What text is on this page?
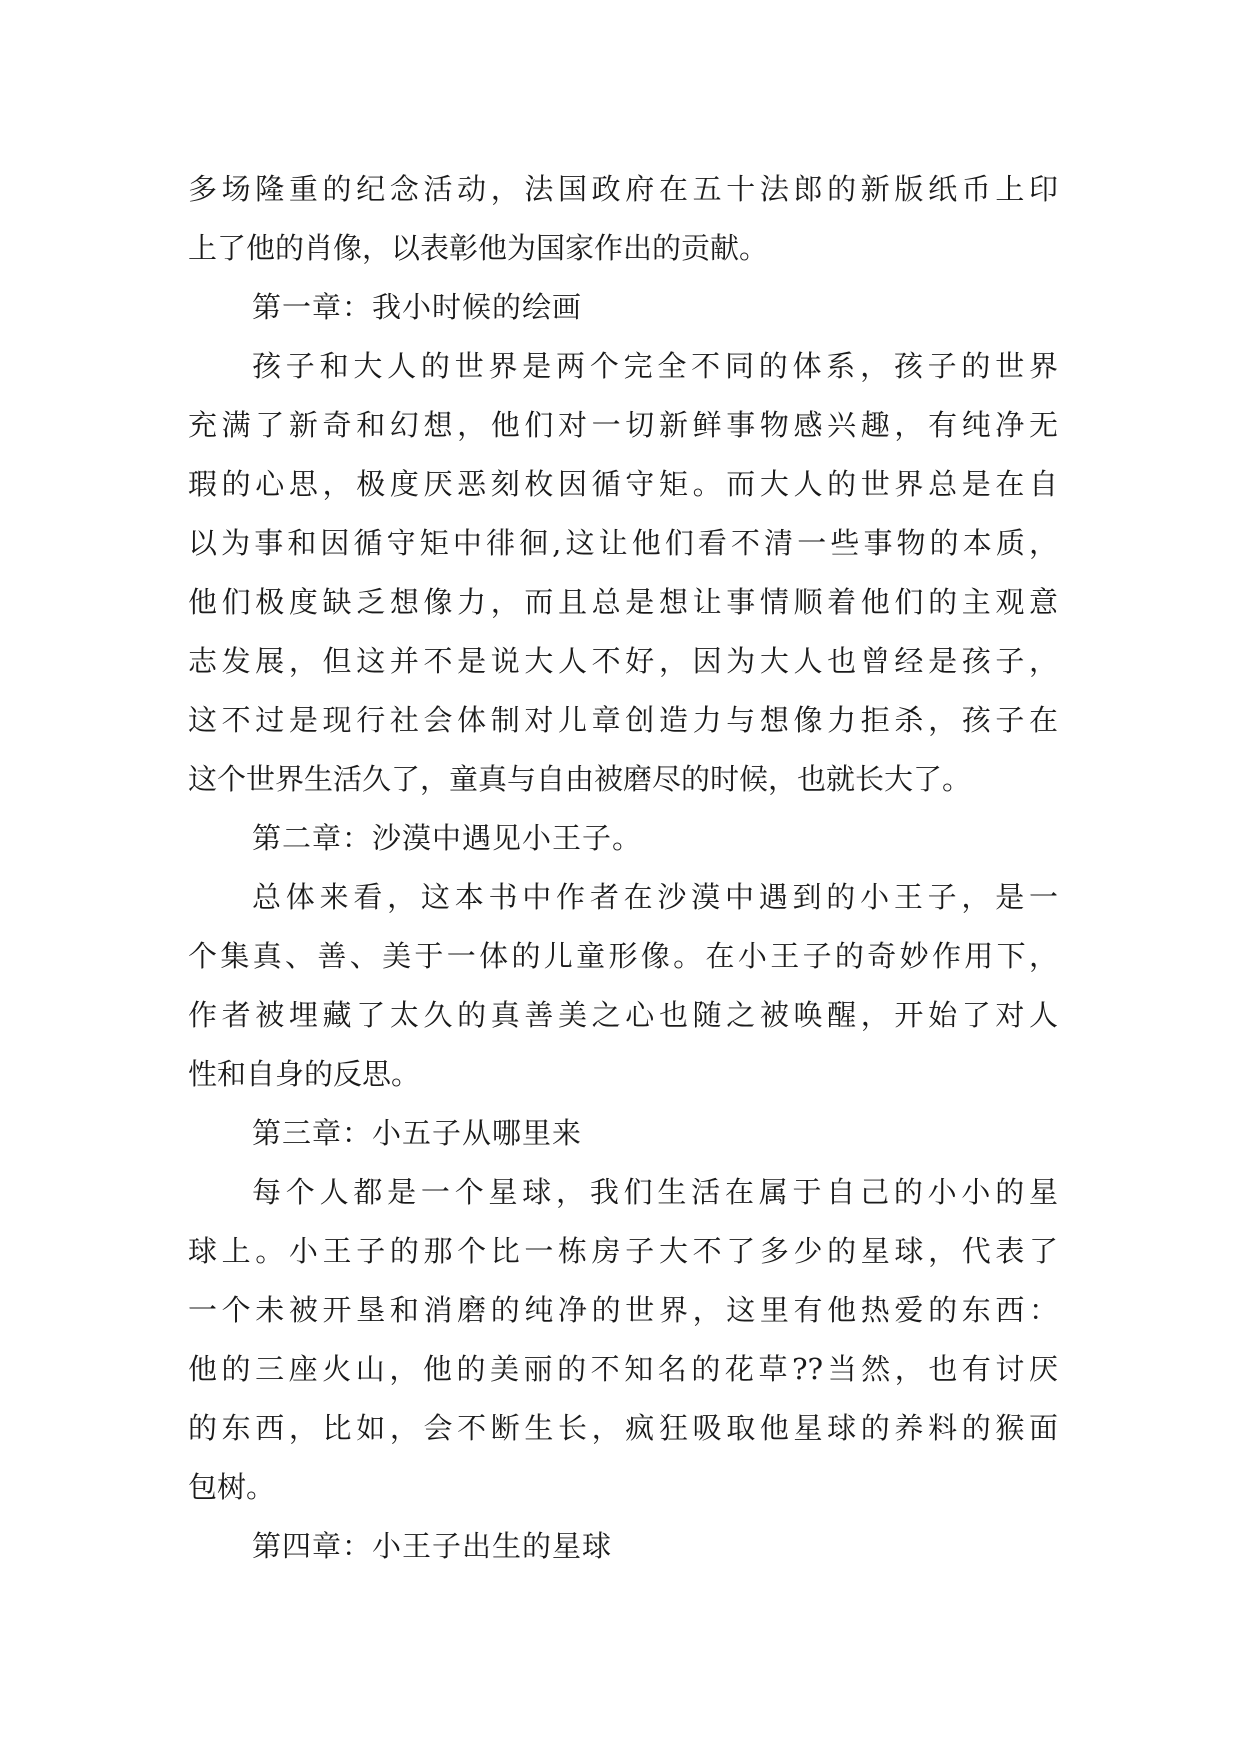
多场隆重的纪念活动，法国政府在五十法郎的新版纸币上印
上了他的肖像，以表彰他为国家作出的贡献。
第一章：我小时候的绘画
孩子和大人的世界是两个完全不同的体系，孩子的世界
充满了新奇和幻想，他们对一切新鲜事物感兴趣，有纯净无
瑕的心思，极度厌恶刻枚因循守矩。而大人的世界总是在自
以为事和因循守矩中徘徊,这让他们看不清一些事物的本质，
他们极度缺乏想像力，而且总是想让事情顺着他们的主观意
志发展，但这并不是说大人不好，因为大人也曾经是孩子，
这不过是现行社会体制对儿章创造力与想像力拒杀，孩子在
这个世界生活久了，童真与自由被磨尽的时候，也就长大了。
第二章：沙漠中遇见小王子。
总体来看，这本书中作者在沙漠中遇到的小王子，是一
个集真、善、美于一体的儿童形像。在小王子的奇妙作用下，
作者被埋藏了太久的真善美之心也随之被唤醒，开始了对人
性和自身的反思。
第三章：小五子从哪里来
每个人都是一个星球，我们生活在属于自己的小小的星
球上。小王子的那个比一栋房子大不了多少的星球，代表了
一个未被开垦和消磨的纯净的世界，这里有他热爱的东西：
他的三座火山，他的美丽的不知名的花草??当然，也有讨厌
的东西，比如，会不断生长，疯狂吸取他星球的养料的猴面
包树。
第四章：小王子出生的星球
